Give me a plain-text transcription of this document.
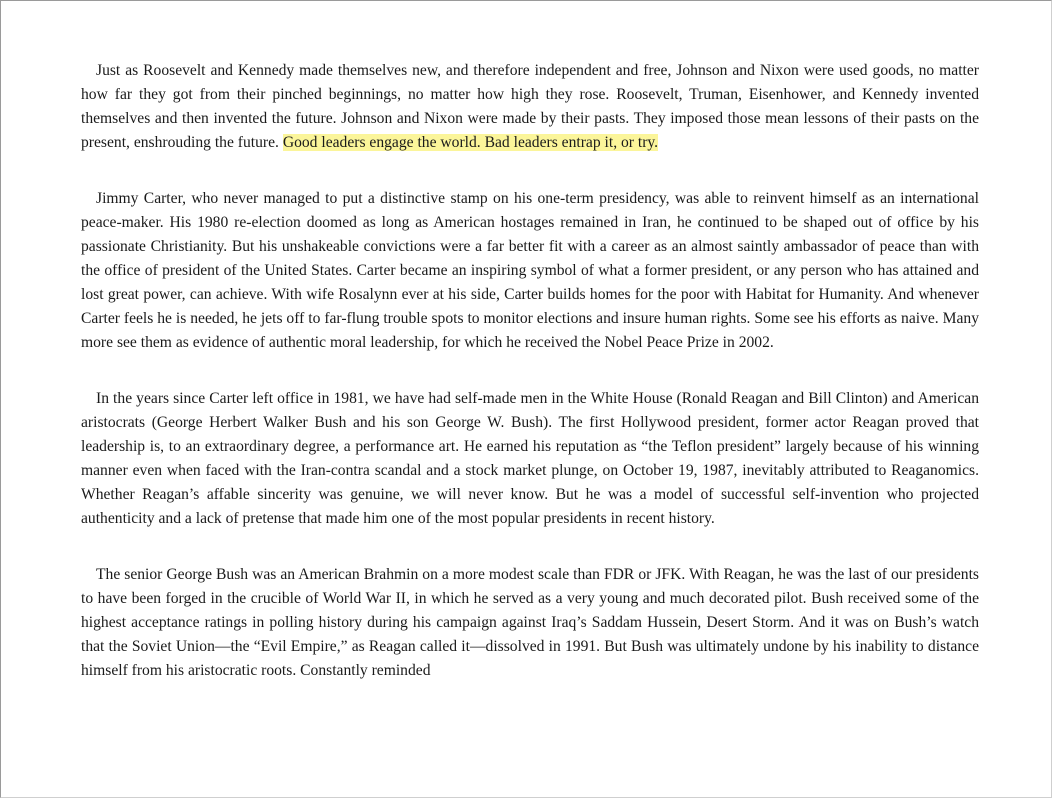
Just as Roosevelt and Kennedy made themselves new, and therefore independent and free, Johnson and Nixon were used goods, no matter how far they got from their pinched beginnings, no matter how high they rose. Roosevelt, Truman, Eisenhower, and Kennedy invented themselves and then invented the future. Johnson and Nixon were made by their pasts. They imposed those mean lessons of their pasts on the present, enshrouding the future. Good leaders engage the world. Bad leaders entrap it, or try.

Jimmy Carter, who never managed to put a distinctive stamp on his one-term presidency, was able to reinvent himself as an international peace-maker. His 1980 re-election doomed as long as American hostages remained in Iran, he continued to be shaped out of office by his passionate Christianity. But his unshakeable convictions were a far better fit with a career as an almost saintly ambassador of peace than with the office of president of the United States. Carter became an inspiring symbol of what a former president, or any person who has attained and lost great power, can achieve. With wife Rosalynn ever at his side, Carter builds homes for the poor with Habitat for Humanity. And whenever Carter feels he is needed, he jets off to far-flung trouble spots to monitor elections and insure human rights. Some see his efforts as naive. Many more see them as evidence of authentic moral leadership, for which he received the Nobel Peace Prize in 2002.

In the years since Carter left office in 1981, we have had self-made men in the White House (Ronald Reagan and Bill Clinton) and American aristocrats (George Herbert Walker Bush and his son George W. Bush). The first Hollywood president, former actor Reagan proved that leadership is, to an extraordinary degree, a performance art. He earned his reputation as “the Teflon president” largely because of his winning manner even when faced with the Iran-contra scandal and a stock market plunge, on October 19, 1987, inevitably attributed to Reaganomics. Whether Reagan’s affable sincerity was genuine, we will never know. But he was a model of successful self-invention who projected authenticity and a lack of pretense that made him one of the most popular presidents in recent history.

The senior George Bush was an American Brahmin on a more modest scale than FDR or JFK. With Reagan, he was the last of our presidents to have been forged in the crucible of World War II, in which he served as a very young and much decorated pilot. Bush received some of the highest acceptance ratings in polling history during his campaign against Iraq’s Saddam Hussein, Desert Storm. And it was on Bush’s watch that the Soviet Union—the “Evil Empire,” as Reagan called it—dissolved in 1991. But Bush was ultimately undone by his inability to distance himself from his aristocratic roots. Constantly reminded
